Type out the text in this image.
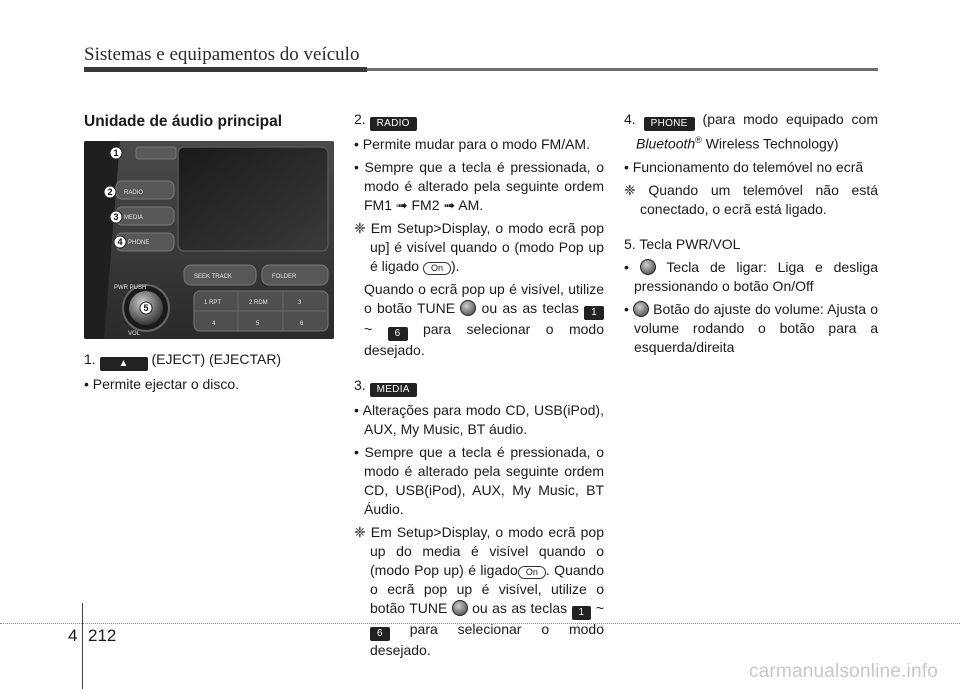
Sistemas e equipamentos do veículo
Unidade de áudio principal
RADIO
MEDIA
PHONE
SEEK TRACK	FOLDER
PWR PUSH
VOL
1 RPT	2 RDM	3
4	5	6
1
2
3
4
5

1. ▲ (EJECT) (EJECTAR)

• Permite ejectar o disco.

2. RADIO

• Permite mudar para o modo FM/AM.

• Sempre que a tecla é pressionada, o modo é alterado pela seguinte ordem FM1 ➟ FM2 ➟ AM.

❈ Em Setup>Display, o modo ecrã pop up] é visível quando o (modo Pop up é ligado On ).

Quando o ecrã pop up é visível, utilize o botão TUNE  ou as as teclas 1 ~ 6 para selecionar o modo desejado.

3. MEDIA

• Alterações para modo CD, USB(iPod), AUX, My Music, BT áudio.

• Sempre que a tecla é pressionada, o modo é alterado pela seguinte ordem CD, USB(iPod), AUX, My Music, BT Áudio.

❈ Em Setup>Display, o modo ecrã pop up do media é visível quando o (modo Pop up) é ligado On . Quando o ecrã pop up é visível, utilize o botão TUNE  ou as as teclas 1 ~ 6 para selecionar o modo desejado.

4. PHONE (para modo equipado com Bluetooth® Wireless Technology)

• Funcionamento do telemóvel no ecrã

❈ Quando um telemóvel não está conectado, o ecrã está ligado.

5. Tecla PWR/VOL

•  Tecla de ligar: Liga e desliga pressionando o botão On/Off

•  Botão do ajuste do volume: Ajusta o volume rodando o botão para a esquerda/direita

4 212
carmanualsonline.info
